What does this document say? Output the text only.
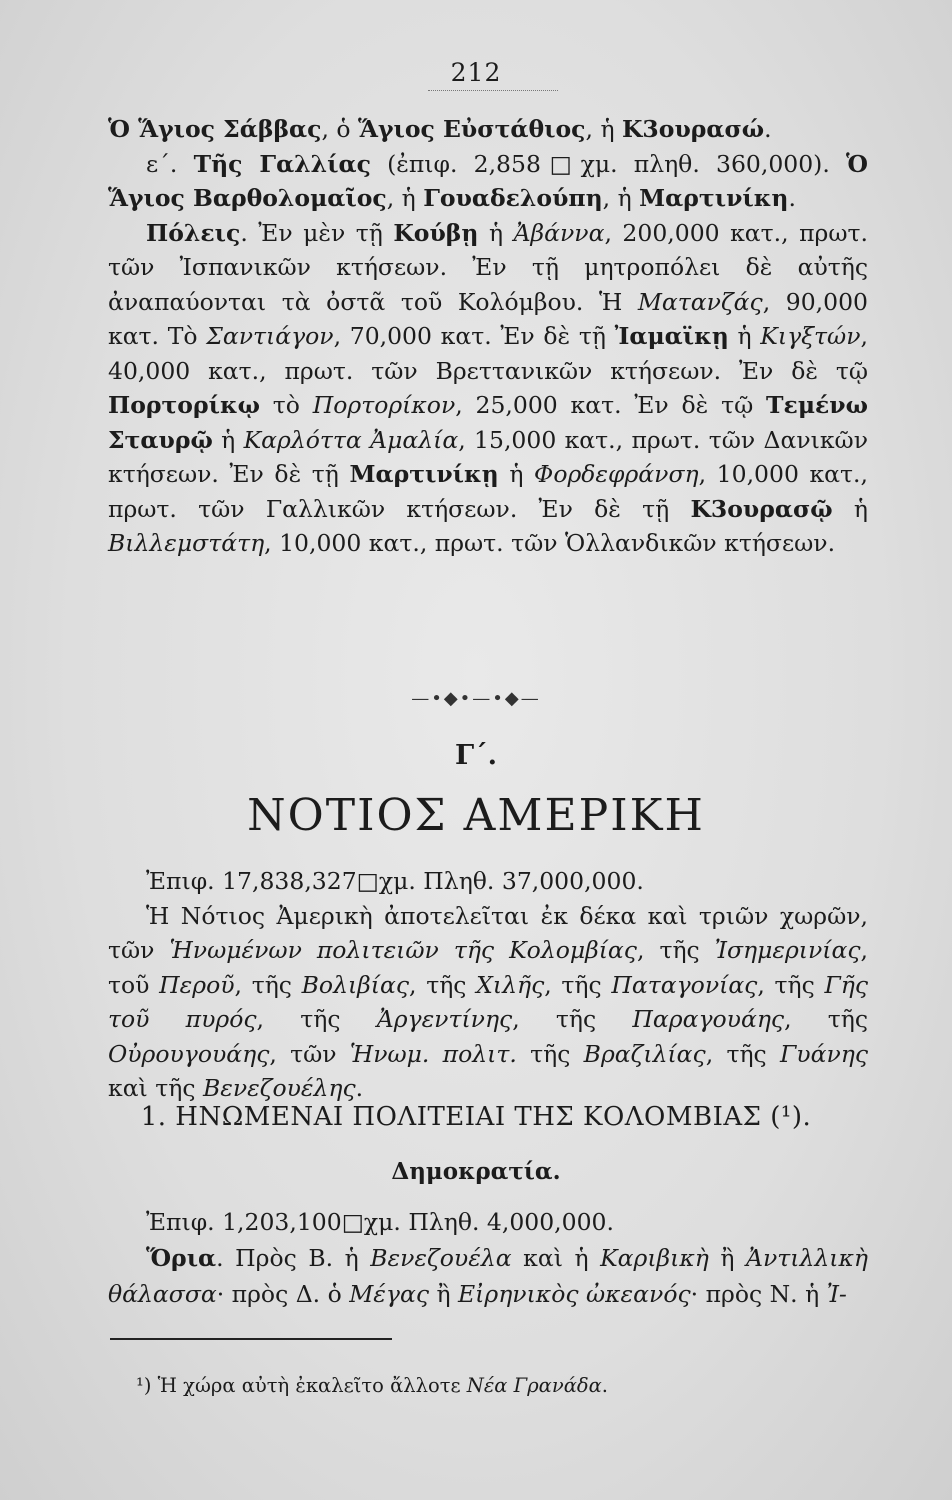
212

Ὁ Ἅγιος Σάββας, ὁ Ἅγιος Εὐστάθιος, ἡ Κ3ουρασώ.

ε΄. Τῆς Γαλλίας (ἐπιφ. 2,858□χμ. πληθ. 360,000). Ὁ Ἅγιος Βαρθολομαῖος, ἡ Γουαδελούπη, ἡ Μαρτινίκη.

Πόλεις. Ἐν μὲν τῇ Κούβῃ ἡ Ἀβάννα, 200,000 κατ., πρωτ. τῶν Ἰσπανικῶν κτήσεων. Ἐν τῇ μητροπόλει δὲ αὐτῆς ἀναπαύονται τὰ ὀστᾶ τοῦ Κολόμβου. Ἡ Ματανζάς, 90,000 κατ. Τὸ Σαντιάγον, 70,000 κατ. Ἐν δὲ τῇ Ἰαμαϊκῃ ἡ Κιγξτών, 40,000 κατ., πρωτ. τῶν Βρεττανικῶν κτήσεων. Ἐν δὲ τῷ Πορτορίκῳ τὸ Πορτορίκον, 25,000 κατ. Ἐν δὲ τῷ Τεμένω Σταυρῷ ἡ Καρλόττα Ἀμαλία, 15,000 κατ., πρωτ. τῶν Δανικῶν κτήσεων. Ἐν δὲ τῇ Μαρτινίκῃ ἡ Φορδεφράνση, 10,000 κατ., πρωτ. τῶν Γαλλικῶν κτήσεων. Ἐν δὲ τῇ Κ3ουρασῷ ἡ Βιλλεμστάτη, 10,000 κατ., πρωτ. τῶν Ὁλλανδικῶν κτήσεων.

—•◆•—•◆—
Γ΄.
ΝΟΤΙΟΣ ΑΜΕΡΙΚΗ

Ἐπιφ. 17,838,327□χμ. Πληθ. 37,000,000.

Ἡ Νότιος Ἀμερικὴ ἀποτελεῖται ἐκ δέκα καὶ τριῶν χωρῶν, τῶν Ἡνωμένων πολιτειῶν τῆς Κολομβίας, τῆς Ἰσημερινίας, τοῦ Περοῦ, τῆς Βολιβίας, τῆς Χιλῆς, τῆς Παταγονίας, τῆς Γῆς τοῦ πυρός, τῆς Ἀργεντίνης, τῆς Παραγουάης, τῆς Οὐρουγουάης, τῶν Ἡνωμ. πολιτ. τῆς Βραζιλίας, τῆς Γυάνης καὶ τῆς Βενεζουέλης.

1. ΗΝΩΜΕΝΑΙ ΠΟΛΙΤΕΙΑΙ ΤΗΣ ΚΟΛΟΜΒΙΑΣ (¹).
Δημοκρατία.

Ἐπιφ. 1,203,100□χμ. Πληθ. 4,000,000.

Ὅρια. Πρὸς Β. ἡ Βενεζουέλα καὶ ἡ Καριβικὴ ἢ Ἀντιλλικὴ θάλασσα· πρὸς Δ. ὁ Μέγας ἢ Εἰρηνικὸς ὠκεανός· πρὸς Ν. ἡ Ἰ-

¹) Ἡ χώρα αὐτὴ ἐκαλεῖτο ἄλλοτε Νέα Γρανάδα.
